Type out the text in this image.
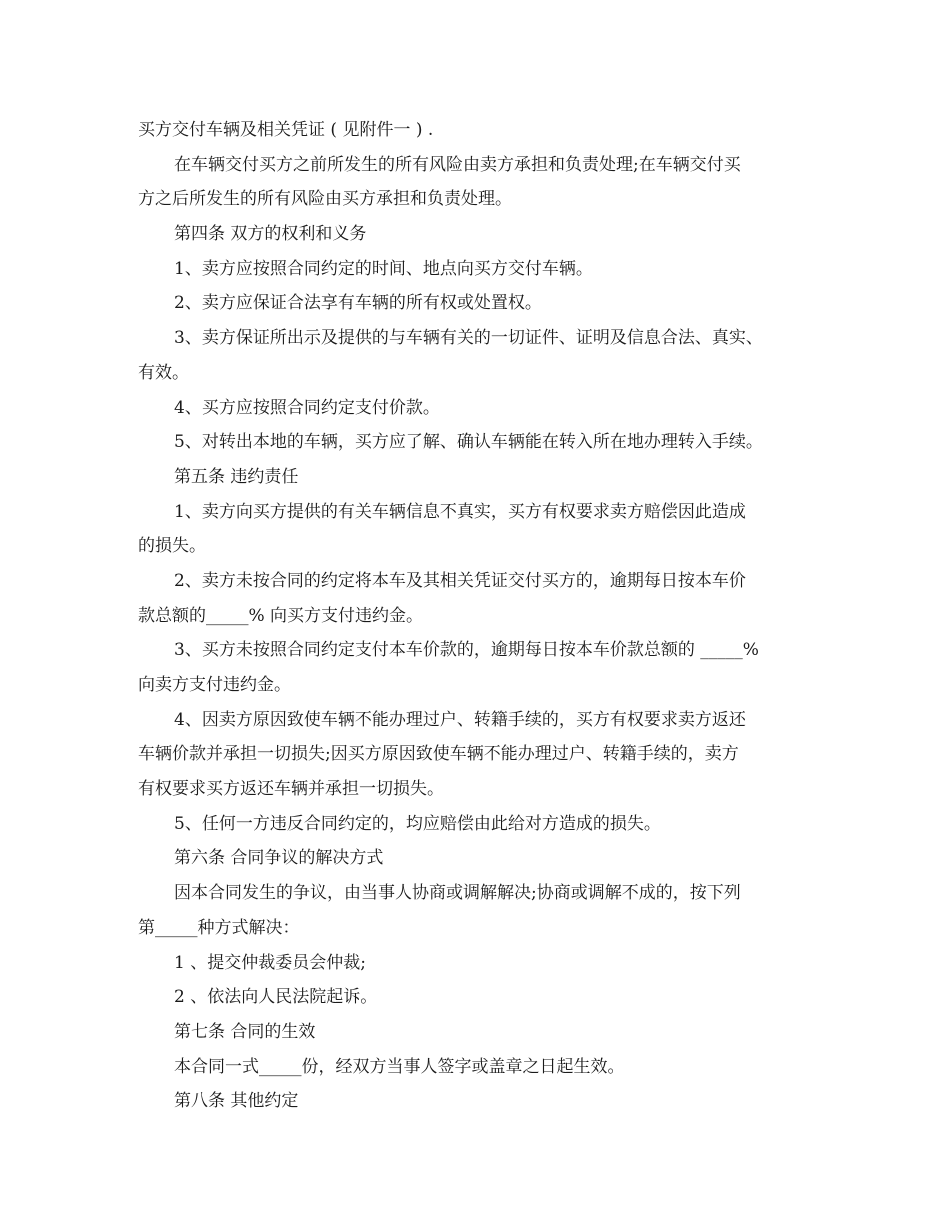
买方交付车辆及相关凭证 ( 见附件一 ) .
在车辆交付买方之前所发生的所有风险由卖方承担和负责处理;在车辆交付买
方之后所发生的所有风险由买方承担和负责处理。
第四条 双方的权利和义务
1、卖方应按照合同约定的时间、地点向买方交付车辆。
2、卖方应保证合法享有车辆的所有权或处置权。
3、卖方保证所出示及提供的与车辆有关的一切证件、证明及信息合法、真实、
有效。
4、买方应按照合同约定支付价款。
5、对转出本地的车辆，买方应了解、确认车辆能在转入所在地办理转入手续。
第五条 违约责任
1、卖方向买方提供的有关车辆信息不真实，买方有权要求卖方赔偿因此造成
的损失。
2、卖方未按合同的约定将本车及其相关凭证交付买方的，逾期每日按本车价
款总额的_____% 向买方支付违约金。
3、买方未按照合同约定支付本车价款的，逾期每日按本车价款总额的 _____%
向卖方支付违约金。
4、因卖方原因致使车辆不能办理过户、转籍手续的，买方有权要求卖方返还
车辆价款并承担一切损失;因买方原因致使车辆不能办理过户、转籍手续的，卖方
有权要求买方返还车辆并承担一切损失。
5、任何一方违反合同约定的，均应赔偿由此给对方造成的损失。
第六条 合同争议的解决方式
因本合同发生的争议，由当事人协商或调解解决;协商或调解不成的，按下列
第_____种方式解决：
1 、提交仲裁委员会仲裁;
2 、依法向人民法院起诉。
第七条 合同的生效
本合同一式_____份，经双方当事人签字或盖章之日起生效。
第八条 其他约定
